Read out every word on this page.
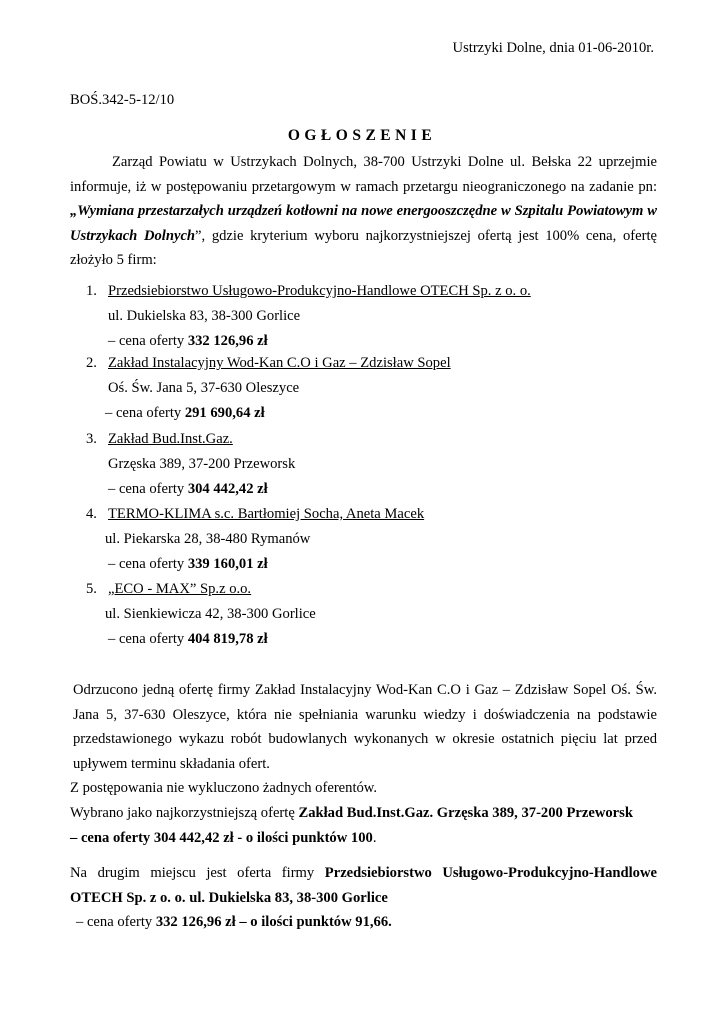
Ustrzyki Dolne, dnia 01-06-2010r.
BOŚ.342-5-12/10
OGŁOSZENIE
Zarząd Powiatu w Ustrzykach Dolnych, 38-700 Ustrzyki Dolne ul. Bełska 22 uprzejmie informuje, iż w postępowaniu przetargowym w ramach przetargu nieograniczonego na zadanie pn: „Wymiana przestarzałych urządzeń kotłowni na nowe energooszczędne w Szpitalu Powiatowym w Ustrzykach Dolnych”, gdzie kryterium wyboru najkorzystniejszej ofertą jest 100% cena, ofertę złożyło 5 firm:
1. Przedsiebiorstwo Usługowo-Produkcyjno-Handlowe OTECH Sp. z o. o.
ul. Dukielska 83, 38-300 Gorlice
– cena oferty 332 126,96 zł
2. Zakład Instalacyjny Wod-Kan C.O i Gaz – Zdzisław Sopel
Oś. Św. Jana 5, 37-630 Oleszyce
– cena oferty 291 690,64 zł
3. Zakład Bud.Inst.Gaz.
Grzęska 389, 37-200 Przeworsk
– cena oferty 304 442,42 zł
4. TERMO-KLIMA s.c. Bartłomiej Socha, Aneta Macek
ul. Piekarska 28, 38-480 Rymanów
– cena oferty 339 160,01 zł
5. „ECO - MAX” Sp.z o.o.
ul. Sienkiewicza 42, 38-300 Gorlice
– cena oferty 404 819,78 zł
Odrzucono jedną ofertę firmy Zakład Instalacyjny Wod-Kan C.O i Gaz – Zdzisław Sopel Oś. Św. Jana 5, 37-630 Oleszyce, która nie spełniania warunku wiedzy i doświadczenia na podstawie przedstawionego wykazu robót budowlanych wykonanych w okresie ostatnich pięciu lat przed upływem terminu składania ofert.
Z postępowania nie wykluczono żadnych oferentów.
Wybrano jako najkorzystniejszą ofertę Zakład Bud.Inst.Gaz. Grzęska 389, 37-200 Przeworsk
– cena oferty 304 442,42 zł - o ilości punktów 100.
Na drugim miejscu jest oferta firmy Przedsiebiorstwo Usługowo-Produkcyjno-Handlowe OTECH Sp. z o. o. ul. Dukielska 83, 38-300 Gorlice
– cena oferty 332 126,96 zł – o ilości punktów 91,66.
